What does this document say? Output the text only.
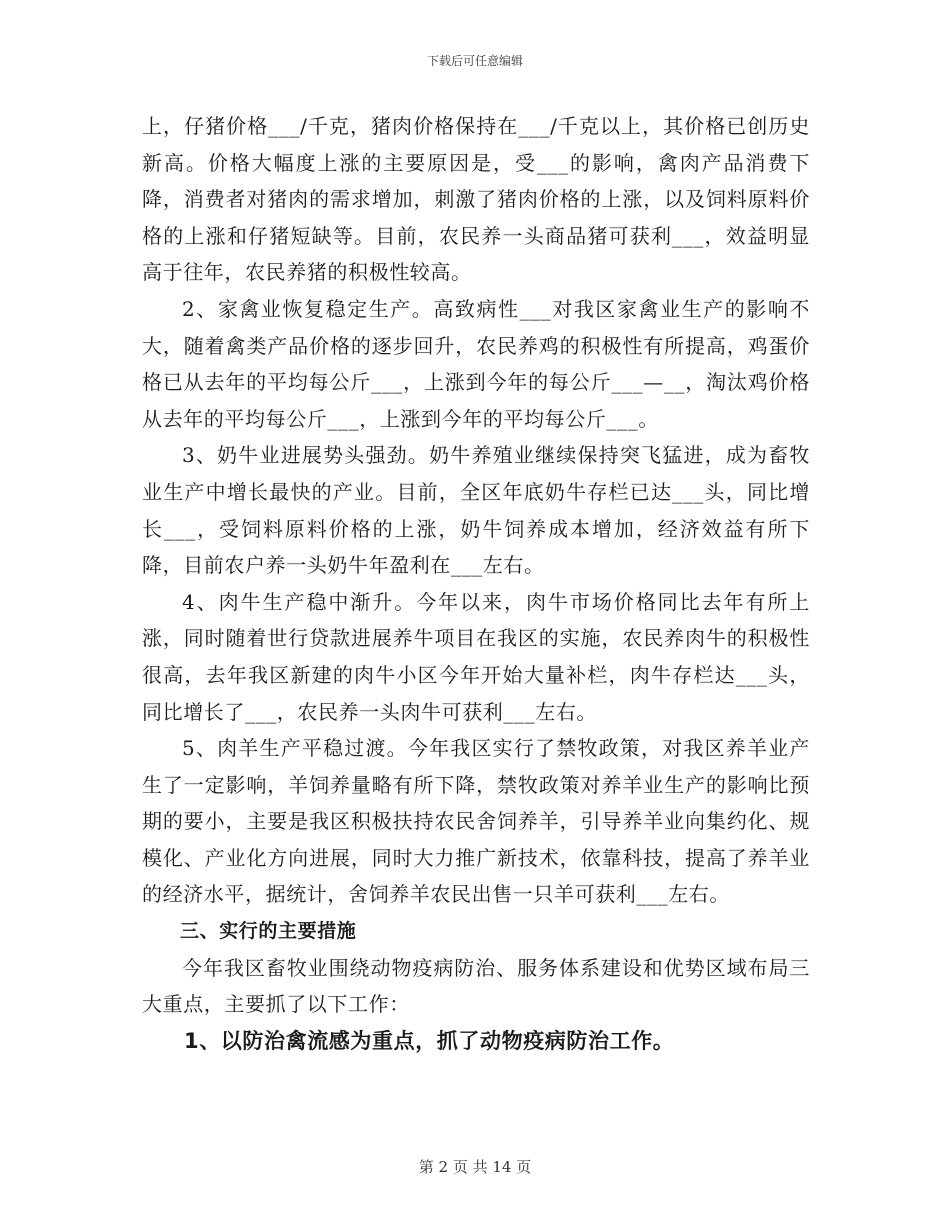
下载后可任意编辑

上，仔猪价格___/千克，猪肉价格保持在___/千克以上，其价格已创历史新高。价格大幅度上涨的主要原因是，受___的影响，禽肉产品消费下降，消费者对猪肉的需求增加，刺激了猪肉价格的上涨，以及饲料原料价格的上涨和仔猪短缺等。目前，农民养一头商品猪可获利___，效益明显高于往年，农民养猪的积极性较高。

2、家禽业恢复稳定生产。高致病性___对我区家禽业生产的影响不大，随着禽类产品价格的逐步回升，农民养鸡的积极性有所提高，鸡蛋价格已从去年的平均每公斤___，上涨到今年的每公斤___—__，淘汰鸡价格从去年的平均每公斤___，上涨到今年的平均每公斤___。

3、奶牛业进展势头强劲。奶牛养殖业继续保持突飞猛进，成为畜牧业生产中增长最快的产业。目前，全区年底奶牛存栏已达___头，同比增长___，受饲料原料价格的上涨，奶牛饲养成本增加，经济效益有所下降，目前农户养一头奶牛年盈利在___左右。

4、肉牛生产稳中渐升。今年以来，肉牛市场价格同比去年有所上涨，同时随着世行贷款进展养牛项目在我区的实施，农民养肉牛的积极性很高，去年我区新建的肉牛小区今年开始大量补栏，肉牛存栏达___头，同比增长了___，农民养一头肉牛可获利___左右。

5、肉羊生产平稳过渡。今年我区实行了禁牧政策，对我区养羊业产生了一定影响，羊饲养量略有所下降，禁牧政策对养羊业生产的影响比预期的要小，主要是我区积极扶持农民舍饲养羊，引导养羊业向集约化、规模化、产业化方向进展，同时大力推广新技术，依靠科技，提高了养羊业的经济水平，据统计，舍饲养羊农民出售一只羊可获利___左右。

三、实行的主要措施

今年我区畜牧业围绕动物疫病防治、服务体系建设和优势区域布局三大重点，主要抓了以下工作：

1、以防治禽流感为重点，抓了动物疫病防治工作。

第 2 页 共 14 页
